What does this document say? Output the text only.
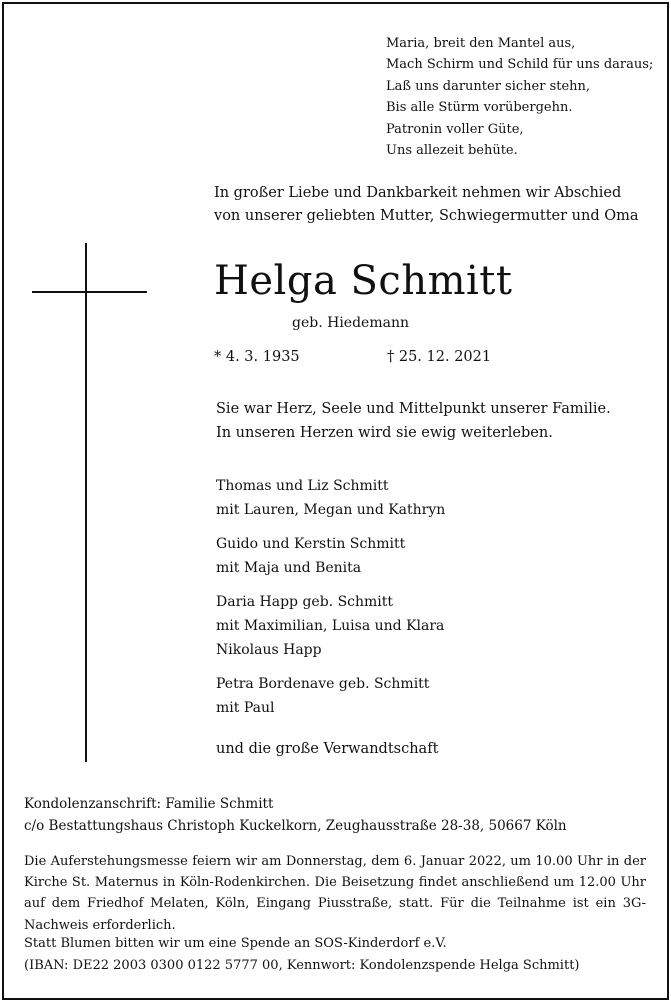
Maria, breit den Mantel aus,
Mach Schirm und Schild für uns daraus;
Laß uns darunter sicher stehn,
Bis alle Stürm vorübergehn.
Patronin voller Güte,
Uns allezeit behüte.
In großer Liebe und Dankbarkeit nehmen wir Abschied
von unserer geliebten Mutter, Schwiegermutter und Oma
Helga Schmitt
geb. Hiedemann
* 4. 3. 1935	† 25. 12. 2021
Sie war Herz, Seele und Mittelpunkt unserer Familie.
In unseren Herzen wird sie ewig weiterleben.
Thomas und Liz Schmitt
mit Lauren, Megan und Kathryn
Guido und Kerstin Schmitt
mit Maja und Benita
Daria Happ geb. Schmitt
mit Maximilian, Luisa und Klara
Nikolaus Happ
Petra Bordenave geb. Schmitt
mit Paul
und die große Verwandtschaft
Kondolenzanschrift: Familie Schmitt
c/o Bestattungshaus Christoph Kuckelkorn, Zeughausstraße 28-38, 50667 Köln

Die Auferstehungsmesse feiern wir am Donnerstag, dem 6. Januar 2022, um 10.00 Uhr in der Kirche St. Maternus in Köln-Rodenkirchen. Die Beisetzung findet anschließend um 12.00 Uhr auf dem Friedhof Melaten, Köln, Eingang Piusstraße, statt. Für die Teilnahme ist ein 3G-Nachweis erforderlich.

Statt Blumen bitten wir um eine Spende an SOS-Kinderdorf e.V.
(IBAN: DE22 2003 0300 0122 5777 00, Kennwort: Kondolenzspende Helga Schmitt)
